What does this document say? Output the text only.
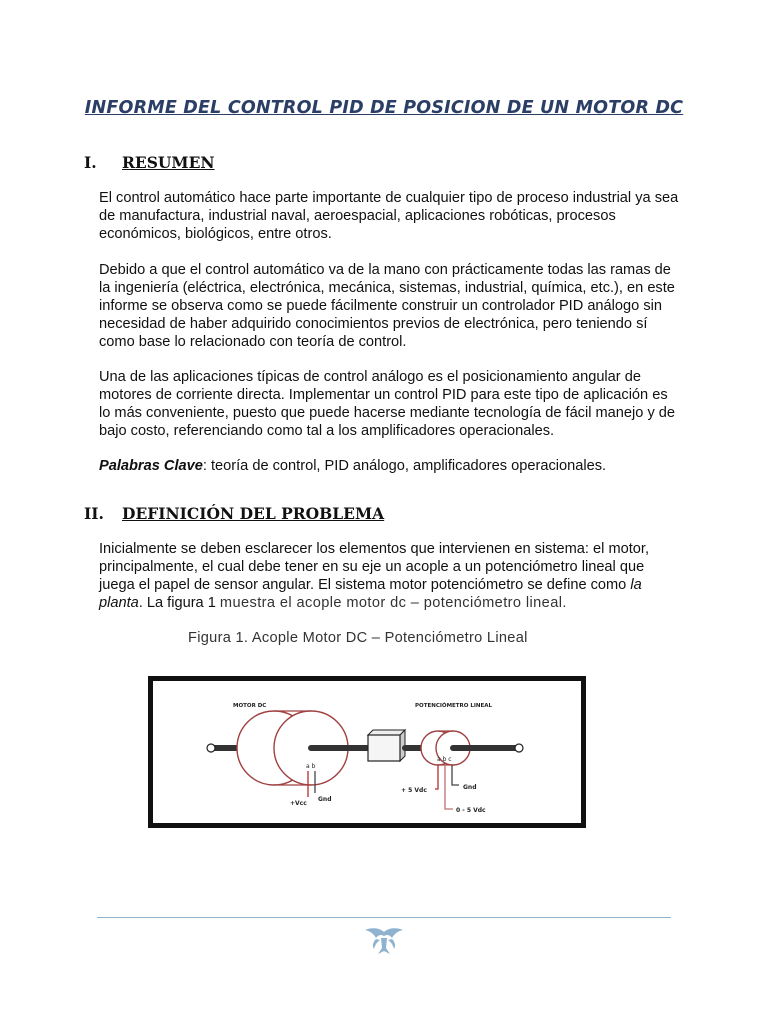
INFORME DEL CONTROL PID DE POSICION DE UN MOTOR DC
I. RESUMEN

El control automático hace parte importante de cualquier tipo de proceso industrial ya sea de manufactura, industrial naval, aeroespacial, aplicaciones robóticas, procesos económicos, biológicos, entre otros.

Debido a que el control automático va de la mano con prácticamente todas las ramas de la ingeniería (eléctrica, electrónica, mecánica, sistemas, industrial, química, etc.), en este informe se observa como se puede fácilmente construir un controlador PID análogo sin necesidad de haber adquirido conocimientos previos de electrónica, pero teniendo sí como base lo relacionado con teoría de control.

Una de las aplicaciones típicas de control análogo es el posicionamiento angular de motores de corriente directa. Implementar un control PID para este tipo de aplicación es lo más conveniente, puesto que puede hacerse mediante tecnología de fácil manejo y de bajo costo, referenciando como tal a los amplificadores operacionales.

Palabras Clave: teoría de control, PID análogo, amplificadores operacionales.

II. DEFINICIÓN DEL PROBLEMA

Inicialmente se deben esclarecer los elementos que intervienen en sistema: el motor, principalmente, el cual debe tener en su eje un acople a un potenciómetro lineal que juega el papel de sensor angular. El sistema motor potenciómetro se define como la planta. La figura 1 muestra el acople motor dc – potenciómetro lineal.

Figura 1. Acople Motor DC – Potenciómetro Lineal

MOTOR DC	POTENCIÓMETRO LINEAL
a b
a b c
+Vcc
Gnd
+ 5 Vdc	Gnd
0 - 5 Vdc
